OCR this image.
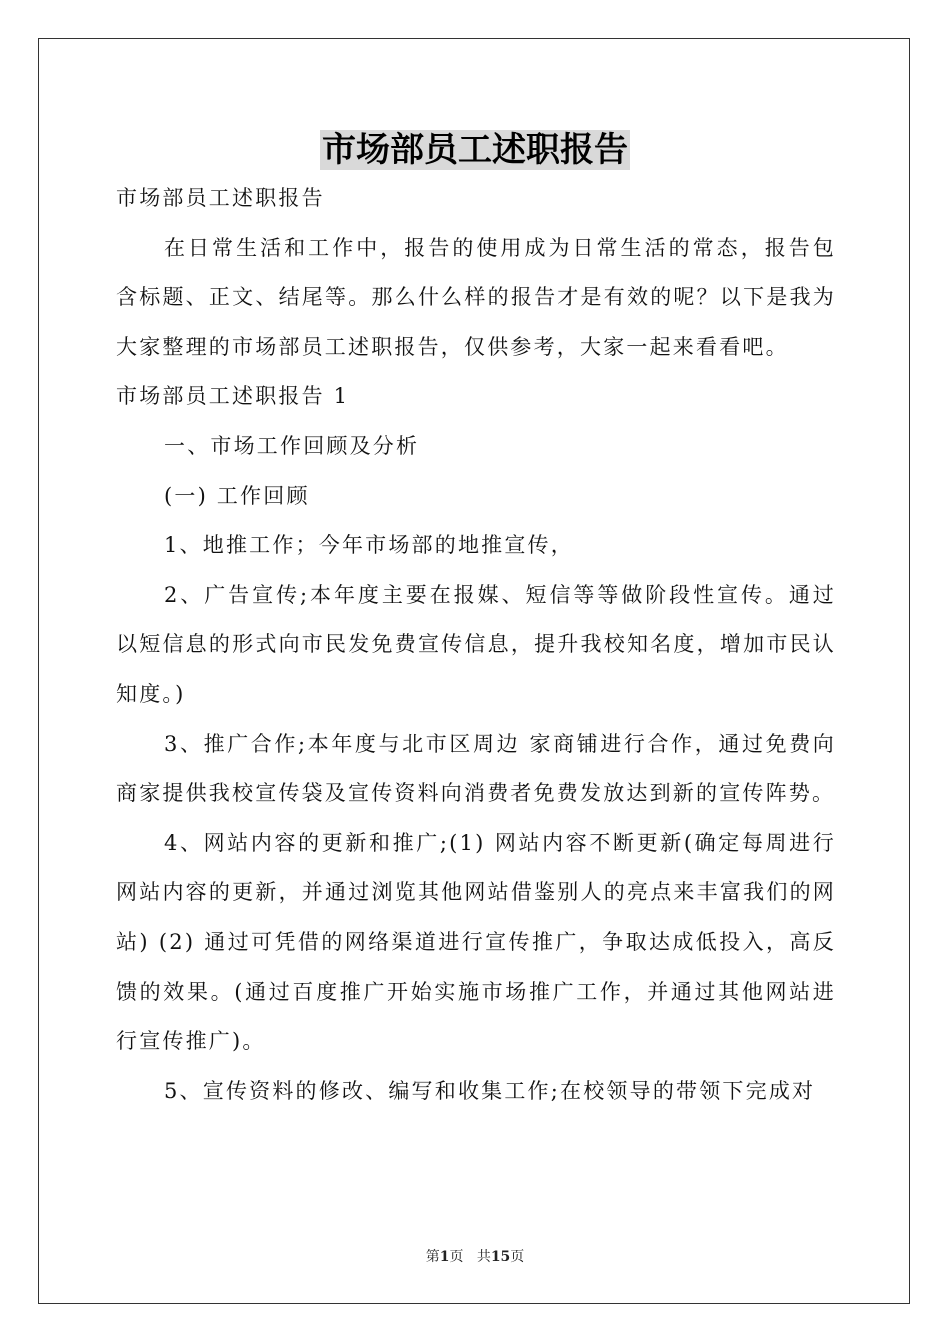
市场部员工述职报告

市场部员工述职报告

在日常生活和工作中，报告的使用成为日常生活的常态，报告包含标题、正文、结尾等。那么什么样的报告才是有效的呢？以下是我为大家整理的市场部员工述职报告，仅供参考，大家一起来看看吧。

市场部员工述职报告 1

一、市场工作回顾及分析

(一) 工作回顾

1、地推工作；今年市场部的地推宣传，

2、广告宣传;本年度主要在报媒、短信等等做阶段性宣传。通过以短信息的形式向市民发免费宣传信息，提升我校知名度，增加市民认知度。)

3、推广合作;本年度与北市区周边 家商铺进行合作，通过免费向商家提供我校宣传袋及宣传资料向消费者免费发放达到新的宣传阵势。

4、网站内容的更新和推广;(1) 网站内容不断更新(确定每周进行网站内容的更新，并通过浏览其他网站借鉴别人的亮点来丰富我们的网站) (2) 通过可凭借的网络渠道进行宣传推广，争取达成低投入，高反馈的效果。(通过百度推广开始实施市场推广工作，并通过其他网站进行宣传推广)。

5、宣传资料的修改、编写和收集工作;在校领导的带领下完成对

第1页 共15页
